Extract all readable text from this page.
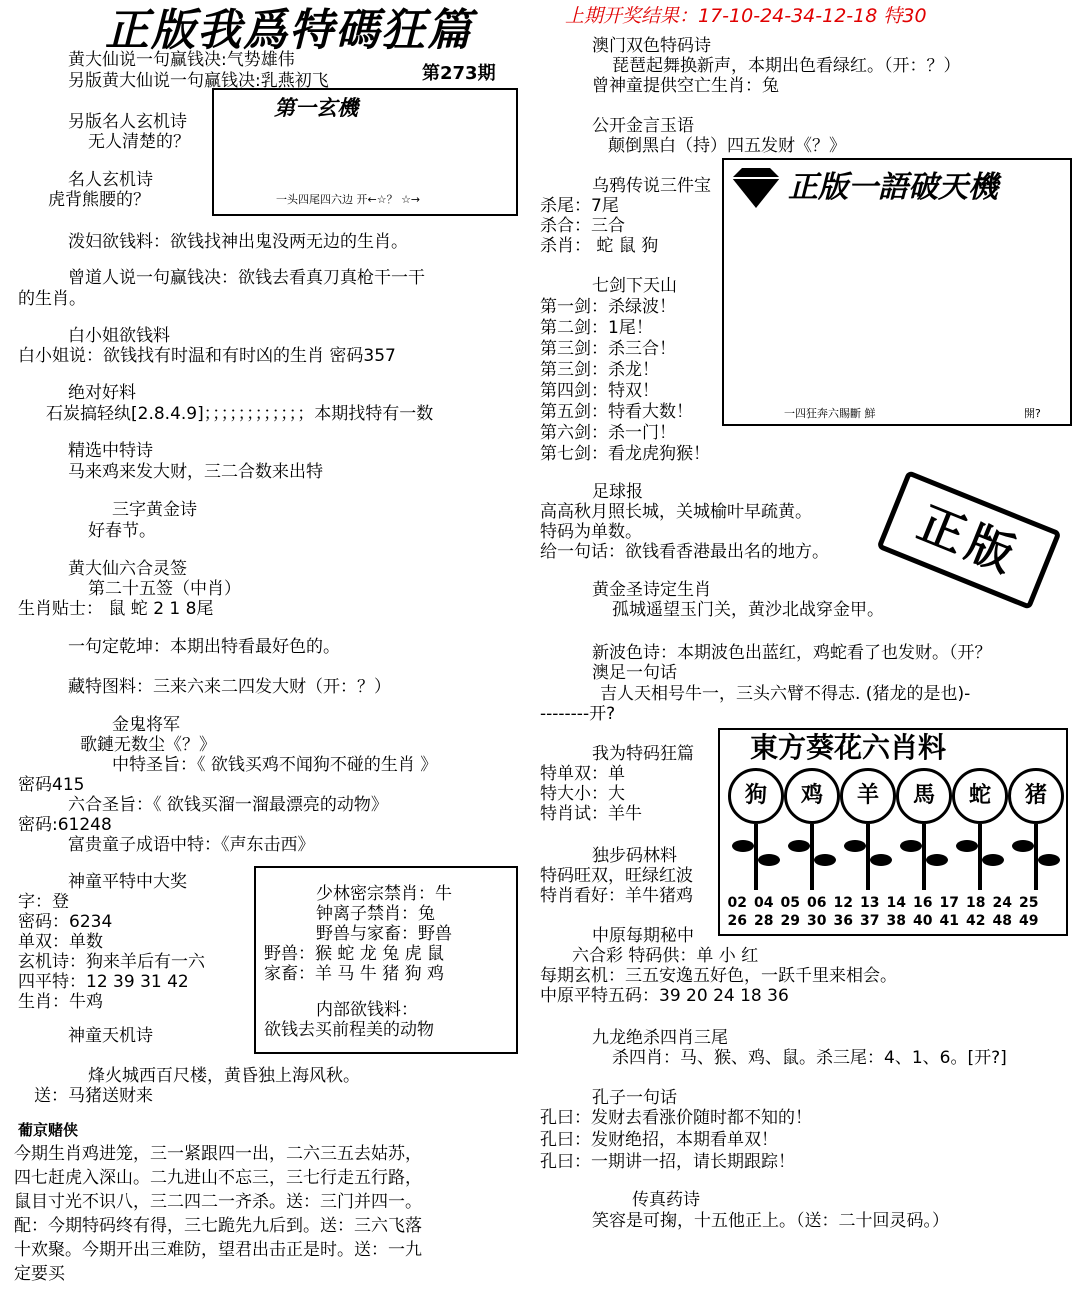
正版我爲特碼狂篇	上期开奖结果：17-10-24-34-12-18 特30
第273期
黄大仙说一句赢钱决:气势雄伟
另版黄大仙说一句赢钱决:乳燕初飞
第一玄機
一头四尾四六边 开←☆？ ☆→
另版名人玄机诗
无人清楚的？
名人玄机诗
虎背熊腰的？
泼妇欲钱料：欲钱找神出鬼没两无边的生肖。
曾道人说一句赢钱决：欲钱去看真刀真枪干一干
的生肖。
白小姐欲钱料
白小姐说：欲钱找有时温和有时凶的生肖 密码357
绝对好料
石炭搞轻纨[2.8.4.9]；；；；；；；；；；；；本期找特有一数
精选中特诗
马来鸡来发大财，三二合数来出特
三字黄金诗
好春节。
黄大仙六合灵签
第二十五签（中肖）
生肖贴士： 鼠 蛇 2 1 8尾
一句定乾坤：本期出特看最好色的。
藏特图料：三来六来二四发大财（开：？）
金鬼将军
歌鏈无数尘《？》
中特圣旨：《 欲钱买鸡不闻狗不碰的生肖 》
密码415
六合圣旨：《 欲钱买溜一溜最漂亮的动物》
密码:61248
富贵童子成语中特：《声东击西》
神童平特中大奖
字：登
密码：6234
单双：单数
玄机诗：狗来羊后有一六
四平特：12 39 31 42
生肖：牛鸡
少林密宗禁肖：牛
钟离子禁肖：兔
野兽与家畜：野兽
野兽：猴 蛇 龙 兔 虎 鼠
家畜：羊 马 牛 猪 狗 鸡
内部欲钱料：
欲钱去买前程美的动物
神童天机诗
烽火城西百尺楼，黄昏独上海风秋。
送：马猪送财来
葡京赌侠
今期生肖鸡进笼，三一紧跟四一出，二六三五去姑苏，
四七赶虎入深山。二九进山不忘三，三七行走五行路，
鼠目寸光不识八，三二四二一齐杀。送：三门并四一。
配：今期特码终有得，三七跪先九后到。送：三六飞落
十欢聚。今期开出三难防，望君出击正是时。送：一九
定要买
澳门双色特码诗
琵琶起舞换新声，本期出色看绿红。（开：？）
曾神童提供空亡生肖：兔
公开金言玉语
颠倒黑白（持）四五发财《？》
乌鸦传说三件宝
杀尾：7尾
杀合：三合
杀肖： 蛇 鼠 狗
正版一語破天機
一四狂奔六賜斷 鮮	開?
七剑下天山
第一剑：杀绿波！
第二剑：1尾！
第三剑：杀三合！
第三剑：杀龙！
第四剑：特双！
第五剑：特看大数！
第六剑：杀一门！
第七剑：看龙虎狗猴！
足球报
高高秋月照长城，关城榆叶早疏黄。
特码为单数。
给一句话：欲钱看香港最出名的地方。	正版
黄金圣诗定生肖
孤城遥望玉门关，黄沙北战穿金甲。
新波色诗：本期波色出蓝红，鸡蛇看了也发财。（开？
澳足一句话
吉人天相号牛一，三头六臂不得志. (猪龙的是也)-
--------开?
我为特码狂篇
特单双：单
特大小：大
特肖试：羊牛
東方葵花六肖料
狗	鸡	羊	馬	蛇	猪
02 04 05 06 12 13 14 16 17 18 24 25
26 28 29 30 36 37 38 40 41 42 48 49
独步码林料
特码旺双，旺绿红波
特肖看好：羊牛猪鸡
中原每期秘中
六合彩 特码供：单 小 红
每期玄机：三五安逸五好色，一跃千里来相会。
中原平特五码：39 20 24 18 36
九龙绝杀四肖三尾
杀四肖：马、猴、鸡、鼠。杀三尾：4、1、6。[开?]
孔子一句话
孔曰：发财去看涨价随时都不知的！
孔曰：发财绝招，本期看单双！
孔曰：一期讲一招，请长期跟踪！
传真药诗
笑容是可掬，十五他正上。（送：二十回灵码。）
